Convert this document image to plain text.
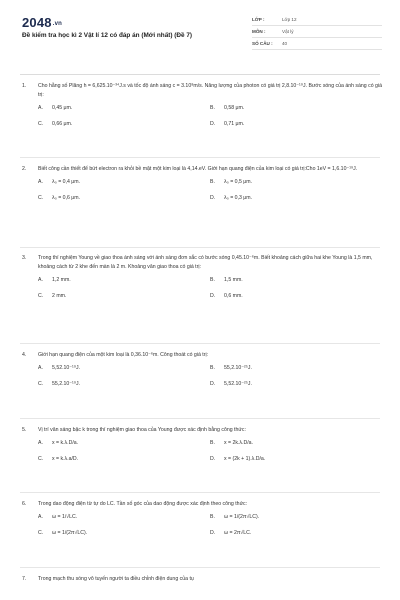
2048.vn
Đề kiểm tra học kì 2 Vật lí 12 có đáp án (Mới nhất) (Đề 7)
LỚP :	Lớp 12
MÔN :	Vật lý
SỐ CÂU :	40
1.	Cho hằng số Plăng h = 6,625.10⁻³⁴J.s và tốc độ ánh sáng c = 3.10⁸m/s. Năng lượng của photon có giá trị 2,8.10⁻¹⁹J. Bước sóng của ánh sáng có giá trị:
A.	0,45 μm.	B.	0,58 μm.
C.	0,66 μm.	D.	0,71 μm.
2.	Biết công cần thiết để bứt electron ra khỏi bề mặt một kim loại là 4,14.eV. Giới hạn quang điện của kim loại có giá trị:Cho 1eV = 1,6.10⁻¹⁹J.
A.	λ₀ = 0,4 μm.	B.	λ₀ = 0,5 μm.
C.	λ₀ = 0,6 μm.	D.	λ₀ = 0,3 μm.
3.	Trong thí nghiệm Young về giao thoa ánh sáng với ánh sáng đơn sắc có bước sóng 0,45.10⁻⁶m. Biết khoảng cách giữa hai khe Young là 1,5 mm, khoảng cách từ 2 khe đến màn là 2 m. Khoảng vân giao thoa có giá trị:
A.	1,2 mm.	B.	1,5 mm.
C.	2 mm.	D.	0,6 mm.
4.	Giới hạn quang điện của một kim loại là 0,36.10⁻⁶m. Công thoát có giá trị:
A.	5,52.10⁻¹⁹J.	B.	55,2.10⁻²⁵J.
C.	55,2.10⁻¹⁹J.	D.	5,52.10⁻²⁵J.
5.	Vị trí vân sáng bậc k trong thí nghiệm giao thoa của Young được xác định bằng công thức:
A.	x = k.λ.D/a.	B.	x = 2k.λ.D/a.
C.	x = k.λ.a/D.	D.	x = (2k + 1).λ.D/a.
6.	Trong dao động điện từ tự do LC. Tần số góc của dao động được xác định theo công thức:
A.	ω = 1/√LC.	B.	ω = 1/(2π√LC).
C.	ω = 1/(2π√LC).	D.	ω = 2π√LC.
7.	Trong mạch thu sóng vô tuyến người ta điều chỉnh điện dung của tụ
